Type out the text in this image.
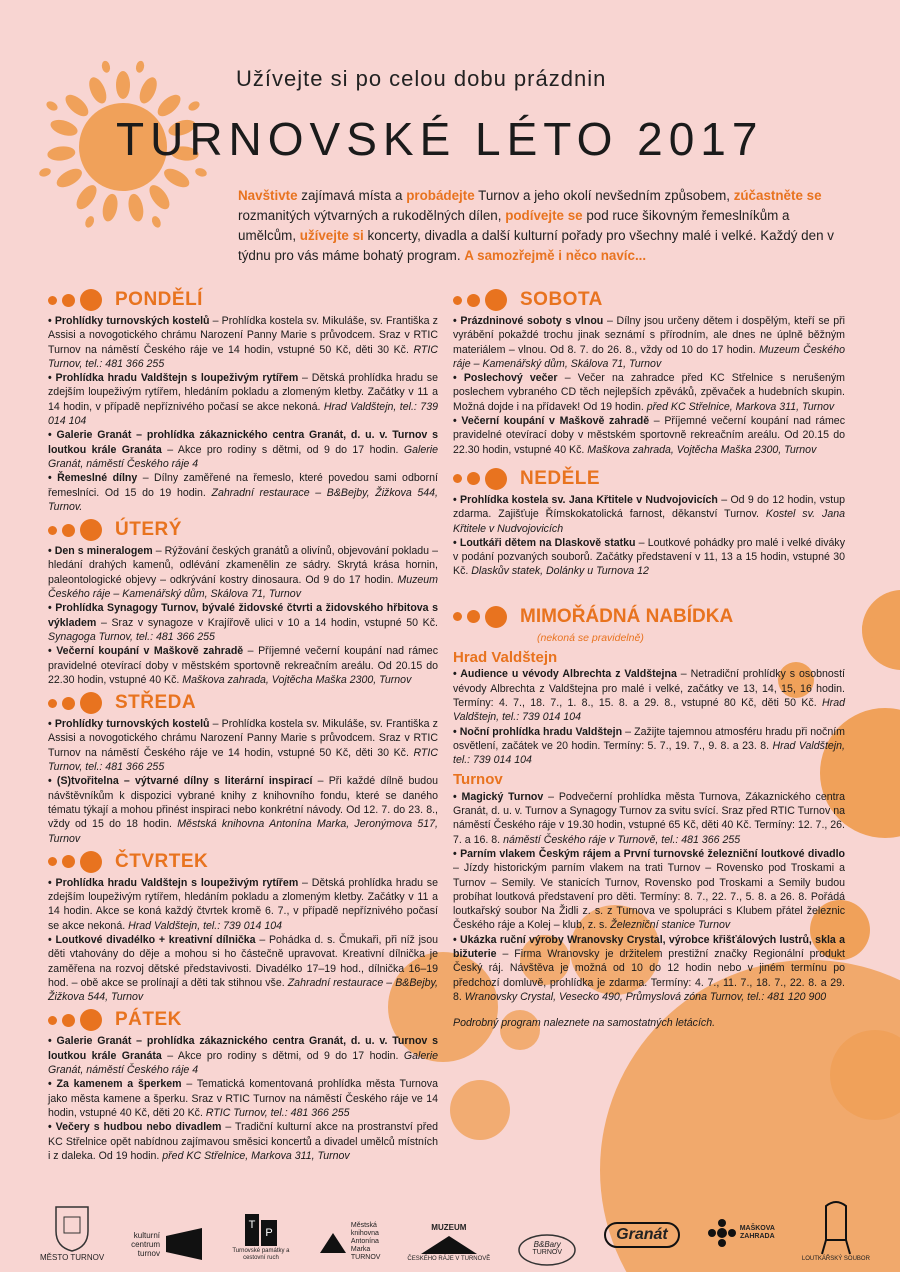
Užívejte si po celou dobu prázdnin
TURNOVSKÉ LÉTO 2017
Navštivte zajímavá místa a probádejte Turnov a jeho okolí nevšedním způsobem, zúčastněte se rozmanitých výtvarných a rukodělných dílen, podívejte se pod ruce šikovným řemeslníkům a umělcům, užívejte si koncerty, divadla a další kulturní pořady pro všechny malé i velké. Každý den v týdnu pro vás máme bohatý program. A samozřejmě i něco navíc...
PONDĚLÍ

• Prohlídky turnovských kostelů – Prohlídka kostela sv. Mikuláše, sv. Františka z Assisi a novogotického chrámu Narození Panny Marie s průvodcem. Sraz v RTIC Turnov na náměstí Českého ráje ve 14 hodin, vstupné 50 Kč, děti 30 Kč. RTIC Turnov, tel.: 481 366 255

• Prohlídka hradu Valdštejn s loupeživým rytířem – Dětská prohlídka hradu se zdejším loupeživým rytířem, hledáním pokladu a zlomeným kletby. Začátky v 11 a 14 hodin, v případě nepříznivého počasí se akce nekoná. Hrad Valdštejn, tel.: 739 014 104

• Galerie Granát – prohlídka zákaznického centra Granát, d. u. v. Turnov s loutkou krále Granáta – Akce pro rodiny s dětmi, od 9 do 17 hodin. Galerie Granát, náměstí Českého ráje 4

• Řemeslné dílny – Dílny zaměřené na řemeslo, které povedou sami odborní řemeslníci. Od 15 do 19 hodin. Zahradní restaurace – B&Bejby, Žižkova 544, Turnov.

ÚTERÝ

• Den s mineralogem – Rýžování českých granátů a olivínů, objevování pokladu – hledání drahých kamenů, odlévání zkamenělin ze sádry. Skrytá krása hornin, paleontologické objevy – odkrývání kostry dinosaura. Od 9 do 17 hodin. Muzeum Českého ráje – Kamenářský dům, Skálova 71, Turnov

• Prohlídka Synagogy Turnov, bývalé židovské čtvrti a židovského hřbitova s výkladem – Sraz v synagoze v Krajířově ulici v 10 a 14 hodin, vstupné 50 Kč. Synagoga Turnov, tel.: 481 366 255

• Večerní koupání v Maškově zahradě – Příjemné večerní koupání nad rámec pravidelné otevírací doby v městském sportovně rekreačním areálu. Od 20.15 do 22.30 hodin, vstupné 40 Kč. Maškova zahrada, Vojtěcha Maška 2300, Turnov

STŘEDA

• Prohlídky turnovských kostelů – Prohlídka kostela sv. Mikuláše, sv. Františka z Assisi a novogotického chrámu Narození Panny Marie s průvodcem. Sraz v RTIC Turnov na náměstí Českého ráje ve 14 hodin, vstupné 50 Kč, děti 30 Kč. RTIC Turnov, tel.: 481 366 255

• (S)tvořitelna – výtvarné dílny s literární inspirací – Při každé dílně budou návštěvníkům k dispozici vybrané knihy z knihovního fondu, které se daného tématu týkají a mohou přinést inspiraci nebo konkrétní návody. Od 12. 7. do 23. 8., vždy od 15 do 18 hodin. Městská knihovna Antonína Marka, Jeronýmova 517, Turnov

ČTVRTEK

• Prohlídka hradu Valdštejn s loupeživým rytířem – Dětská prohlídka hradu se zdejším loupeživým rytířem, hledáním pokladu a zlomeným kletby. Začátky v 11 a 14 hodin. Akce se koná každý čtvrtek kromě 6. 7., v případě nepříznivého počasí se akce nekoná. Hrad Valdštejn, tel.: 739 014 104

• Loutkové divadélko + kreativní dílnička – Pohádka d. s. Čmukaři, při níž jsou děti vtahovány do děje a mohou si ho částečně upravovat. Kreativní dílnička je zaměřena na rozvoj dětské představivosti. Divadélko 17–19 hod., dílnička 16–19 hod. – obě akce se prolínají a děti tak stihnou vše. Zahradní restaurace – B&Bejby, Žižkova 544, Turnov

PÁTEK

• Galerie Granát – prohlídka zákaznického centra Granát, d. u. v. Turnov s loutkou krále Granáta – Akce pro rodiny s dětmi, od 9 do 17 hodin. Galerie Granát, náměstí Českého ráje 4

• Za kamenem a šperkem – Tematická komentovaná prohlídka města Turnova jako města kamene a šperku. Sraz v RTIC Turnov na náměstí Českého ráje ve 14 hodin, vstupné 40 Kč, děti 20 Kč. RTIC Turnov, tel.: 481 366 255

• Večery s hudbou nebo divadlem – Tradiční kulturní akce na prostranství před KC Střelnice opět nabídnou zajímavou směsici koncertů a divadel umělců místních i z daleka. Od 19 hodin. před KC Střelnice, Markova 311, Turnov

SOBOTA

• Prázdninové soboty s vlnou – Dílny jsou určeny dětem i dospělým, kteří se při vyrábění pokaždé trochu jinak seznámí s přírodním, ale dnes ne úplně běžným materiálem – vlnou. Od 8. 7. do 26. 8., vždy od 10 do 17 hodin. Muzeum Českého ráje – Kamenářský dům, Skálova 71, Turnov

• Poslechový večer – Večer na zahradce před KC Střelnice s nerušeným poslechem vybraného CD těch nejlepších zpěváků, zpěvaček a hudebních skupin. Možná dojde i na přídavek! Od 19 hodin. před KC Střelnice, Markova 311, Turnov

• Večerní koupání v Maškově zahradě – Příjemné večerní koupání nad rámec pravidelné otevírací doby v městském sportovně rekreačním areálu. Od 20.15 do 22.30 hodin, vstupné 40 Kč. Maškova zahrada, Vojtěcha Maška 2300, Turnov

NEDĚLE

• Prohlídka kostela sv. Jana Křtitele v Nudvojovicích – Od 9 do 12 hodin, vstup zdarma. Zajišťuje Římskokatolická farnost, děkanství Turnov. Kostel sv. Jana Křtitele v Nudvojovicích

• Loutkáři dětem na Dlaskově statku – Loutkové pohádky pro malé i velké diváky v podání pozvaných souborů. Začátky představení v 11, 13 a 15 hodin, vstupné 30 Kč. Dlaskův statek, Dolánky u Turnova 12

MIMOŘÁDNÁ NABÍDKA
(nekoná se pravidelně)
Hrad Valdštejn

• Audience u vévody Albrechta z Valdštejna – Netradiční prohlídky s osobností vévody Albrechta z Valdštejna pro malé i velké, začátky ve 13, 14, 15, 16 hodin. Termíny: 4. 7., 18. 7., 1. 8., 15. 8. a 29. 8., vstupné 80 Kč, děti 50 Kč. Hrad Valdštejn, tel.: 739 014 104

• Noční prohlídka hradu Valdštejn – Zažijte tajemnou atmosféru hradu při nočním osvětlení, začátek ve 20 hodin. Termíny: 5. 7., 19. 7., 9. 8. a 23. 8. Hrad Valdštejn, tel.: 739 014 104

Turnov

• Magický Turnov – Podvečerní prohlídka města Turnova, Zákaznického centra Granát, d. u. v. Turnov a Synagogy Turnov za svitu svící. Sraz před RTIC Turnov na náměstí Českého ráje v 19.30 hodin, vstupné 65 Kč, děti 40 Kč. Termíny: 12. 7., 26. 7. a 16. 8. náměstí Českého ráje v Turnově, tel.: 481 366 255

• Parním vlakem Českým rájem a První turnovské železniční loutkové divadlo – Jízdy historickým parním vlakem na trati Turnov – Rovensko pod Troskami a Turnov – Semily. Ve stanicích Turnov, Rovensko pod Troskami a Semily budou probíhat loutková představení pro děti. Termíny: 8. 7., 22. 7., 5. 8. a 26. 8. Pořádá loutkařský soubor Na Židli z. s. z Turnova ve spolupráci s Klubem přátel železnic Českého ráje a Kolej – klub, z. s. Železniční stanice Turnov

• Ukázka ruční výroby Wranovsky Crystal, výrobce křišťálových lustrů, skla a bižuterie – Firma Wranovsky je držitelem prestižní značky Regionální produkt Český ráj. Návštěva je možná od 10 do 12 hodin nebo v jiném termínu po předchozí domluvě, prohlídka je zdarma. Termíny: 4. 7., 11. 7., 18. 7., 22. 8. a 29. 8. Wranovsky Crystal, Vesecko 490, Průmyslová zóna Turnov, tel.: 481 120 900

Podrobný program naleznete na samostatných letácích.
MĚSTO TURNOV
kulturní
centrum
turnov
T
P
Turnovské památky a cestovní ruch
Městská
knihovna
Antonína
Marka
TURNOV
MUZEUM
ČESKÉHO RÁJE V TURNOVĚ
B&Bary
TURNOV
Granát	MAŠKOVA
ZAHRADA
LOUTKÁŘSKÝ SOUBOR
